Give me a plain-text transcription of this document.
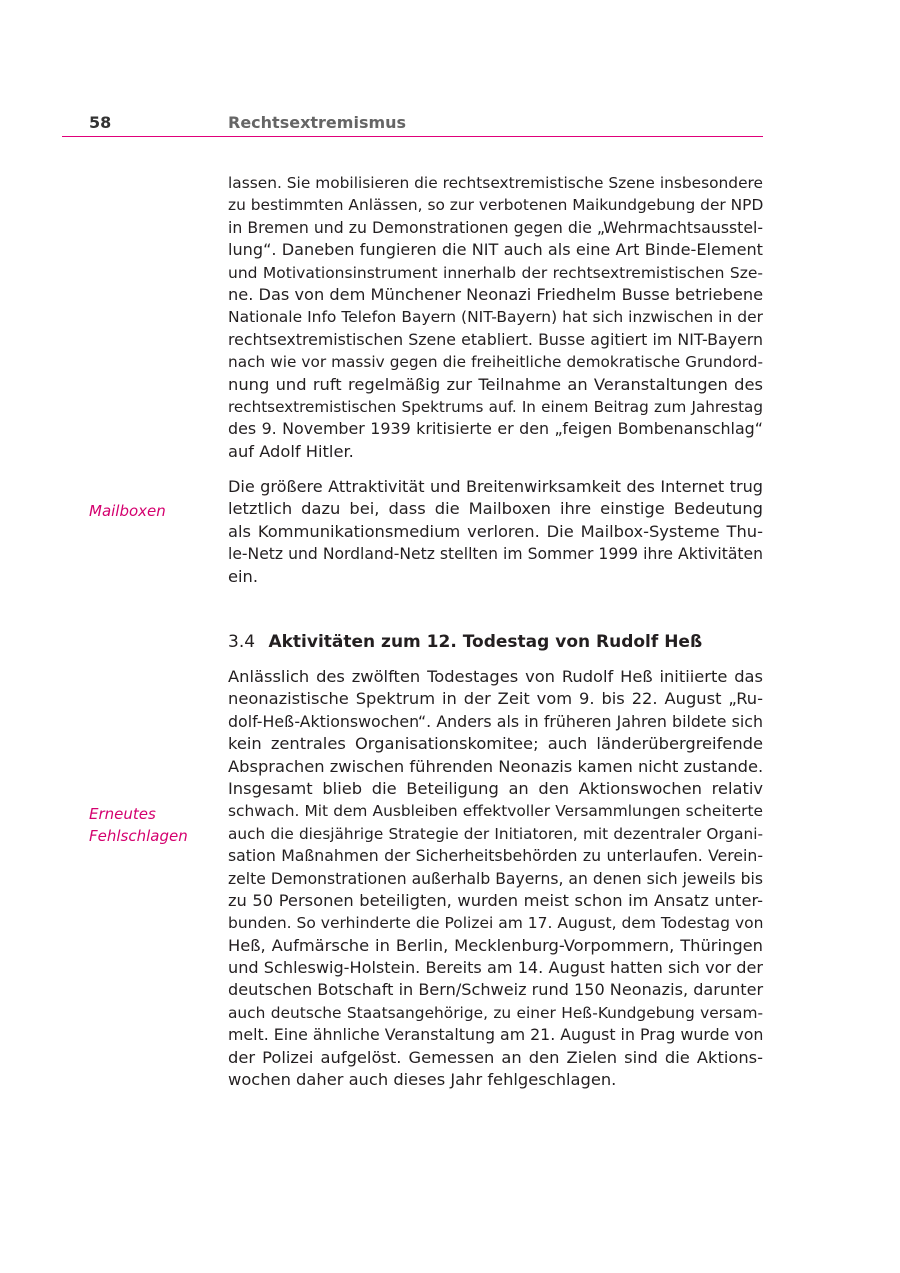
58	Rechtsextremismus
Mailboxen
Erneutes
Fehlschlagen
lassen. Sie mobilisieren die rechtsextremistische Szene insbesondere
zu bestimmten Anlässen, so zur verbotenen Maikundgebung der NPD
in Bremen und zu Demonstrationen gegen die „Wehrmachtsausstel-
lung“. Daneben fungieren die NIT auch als eine Art Binde-Element
und Motivationsinstrument innerhalb der rechtsextremistischen Sze-
ne. Das von dem Münchener Neonazi Friedhelm Busse betriebene
Nationale Info Telefon Bayern (NIT-Bayern) hat sich inzwischen in der
rechtsextremistischen Szene etabliert. Busse agitiert im NIT-Bayern
nach wie vor massiv gegen die freiheitliche demokratische Grundord-
nung und ruft regelmäßig zur Teilnahme an Veranstaltungen des
rechtsextremistischen Spektrums auf. In einem Beitrag zum Jahrestag
des 9. November 1939 kritisierte er den „feigen Bombenanschlag“
auf Adolf Hitler.
Die größere Attraktivität und Breitenwirksamkeit des Internet trug
letztlich dazu bei, dass die Mailboxen ihre einstige Bedeutung
als Kommunikationsmedium verloren. Die Mailbox-Systeme Thu-
le-Netz und Nordland-Netz stellten im Sommer 1999 ihre Aktivitäten
ein.
3.4 Aktivitäten zum 12. Todestag von Rudolf Heß
Anlässlich des zwölften Todestages von Rudolf Heß initiierte das
neonazistische Spektrum in der Zeit vom 9. bis 22. August „Ru-
dolf-Heß-Aktionswochen“. Anders als in früheren Jahren bildete sich
kein zentrales Organisationskomitee; auch länderübergreifende
Absprachen zwischen führenden Neonazis kamen nicht zustande.
Insgesamt blieb die Beteiligung an den Aktionswochen relativ
schwach. Mit dem Ausbleiben effektvoller Versammlungen scheiterte
auch die diesjährige Strategie der Initiatoren, mit dezentraler Organi-
sation Maßnahmen der Sicherheitsbehörden zu unterlaufen. Verein-
zelte Demonstrationen außerhalb Bayerns, an denen sich jeweils bis
zu 50 Personen beteiligten, wurden meist schon im Ansatz unter-
bunden. So verhinderte die Polizei am 17. August, dem Todestag von
Heß, Aufmärsche in Berlin, Mecklenburg-Vorpommern, Thüringen
und Schleswig-Holstein. Bereits am 14. August hatten sich vor der
deutschen Botschaft in Bern/Schweiz rund 150 Neonazis, darunter
auch deutsche Staatsangehörige, zu einer Heß-Kundgebung versam-
melt. Eine ähnliche Veranstaltung am 21. August in Prag wurde von
der Polizei aufgelöst. Gemessen an den Zielen sind die Aktions-
wochen daher auch dieses Jahr fehlgeschlagen.
